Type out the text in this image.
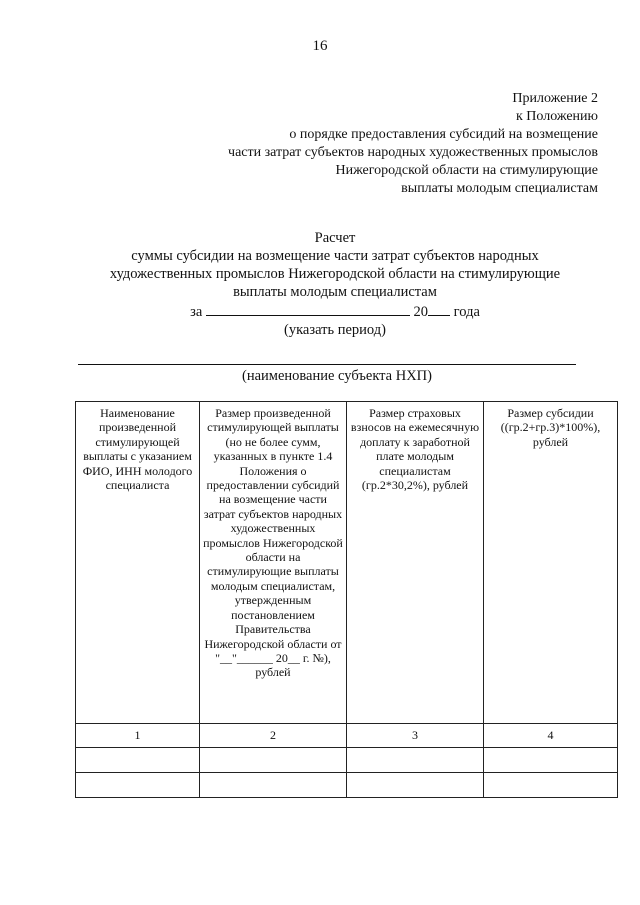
16
Приложение 2
к Положению
о порядке предоставления субсидий на возмещение
части затрат субъектов народных художественных промыслов
Нижегородской области на стимулирующие
выплаты молодым специалистам
Расчет
суммы субсидии на возмещение части затрат субъектов народных
художественных промыслов Нижегородской области на стимулирующие
выплаты молодым специалистам
за	20 года
(указать период)
(наименование субъекта НХП)
Наименование произведенной стимулирующей выплаты с указанием ФИО, ИНН молодого специалиста	Размер произведенной стимулирующей выплаты (но не более сумм, указанных в пункте 1.4 Положения о предоставлении субсидий на возмещение части затрат субъектов народных художественных промыслов Нижегородской области на стимулирующие выплаты молодым специалистам, утвержденным постановлением Правительства Нижегородской области от "__"______ 20__ г. №), рублей	Размер страховых взносов на ежемесячную доплату к заработной плате молодым специалистам (гр.2*30,2%), рублей	Размер субсидии ((гр.2+гр.3)*100%), рублей
1	2	3	4
